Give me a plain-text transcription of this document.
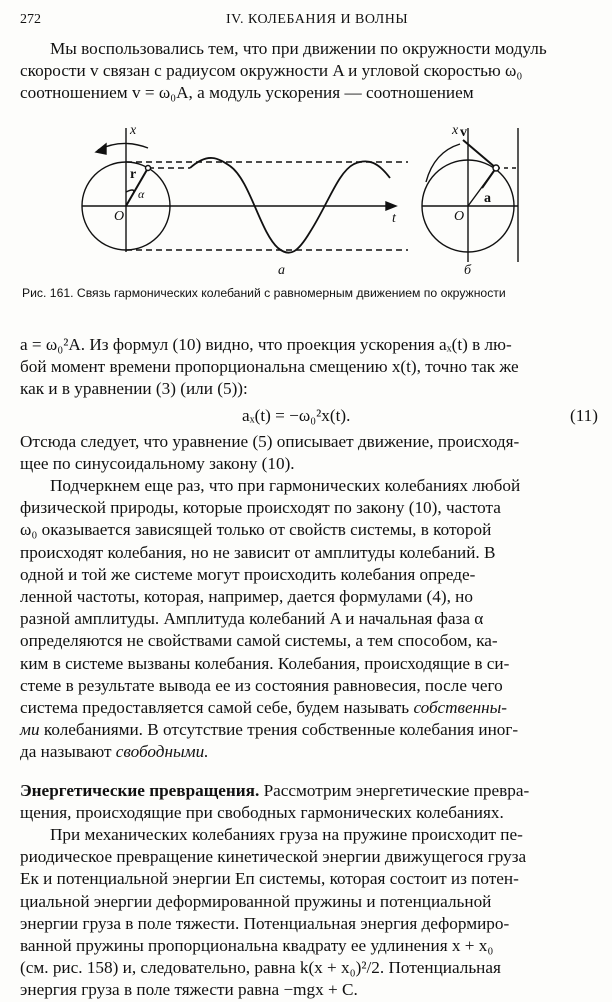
272	IV. КОЛЕБАНИЯ И ВОЛНЫ

Мы воспользовались тем, что при движении по окружности модуль

скорости v связан с радиусом окружности A и угловой скоростью ω₀

соотношением v = ω₀A, а модуль ускорения — соотношением

x	x
r
α
O	O
t
v
a
а	б
Рис. 161. Связь гармонических колебаний с равномерным движением по окружности

a = ω₀²A. Из формул (10) видно, что проекция ускорения aₓ(t) в лю-

бой момент времени пропорциональна смещению x(t), точно так же

как и в уравнении (3) (или (5)):

aₓ(t) = −ω₀²x(t).	(11)

Отсюда следует, что уравнение (5) описывает движение, происходя-

щее по синусоидальному закону (10).

Подчеркнем еще раз, что при гармонических колебаниях любой

физической природы, которые происходят по закону (10), частота

ω₀ оказывается зависящей только от свойств системы, в которой

происходят колебания, но не зависит от амплитуды колебаний. В

одной и той же системе могут происходить колебания опреде-

ленной частоты, которая, например, дается формулами (4), но

разной амплитуды. Амплитуда колебаний A и начальная фаза α

определяются не свойствами самой системы, а тем способом, ка-

ким в системе вызваны колебания. Колебания, происходящие в си-

стеме в результате вывода ее из состояния равновесия, после чего

система предоставляется самой себе, будем называть собственны-

ми колебаниями. В отсутствие трения собственные колебания иног-

да называют свободными.

Энергетические превращения. Рассмотрим энергетические превра-

щения, происходящие при свободных гармонических колебаниях.

При механических колебаниях груза на пружине происходит пе-

риодическое превращение кинетической энергии движущегося груза

Eк и потенциальной энергии Eп системы, которая состоит из потен-

циальной энергии деформированной пружины и потенциальной

энергии груза в поле тяжести. Потенциальная энергия деформиро-

ванной пружины пропорциональна квадрату ее удлинения x + x₀

(см. рис. 158) и, следовательно, равна k(x + x₀)²/2. Потенциальная

энергия груза в поле тяжести равна −mgx + C.
